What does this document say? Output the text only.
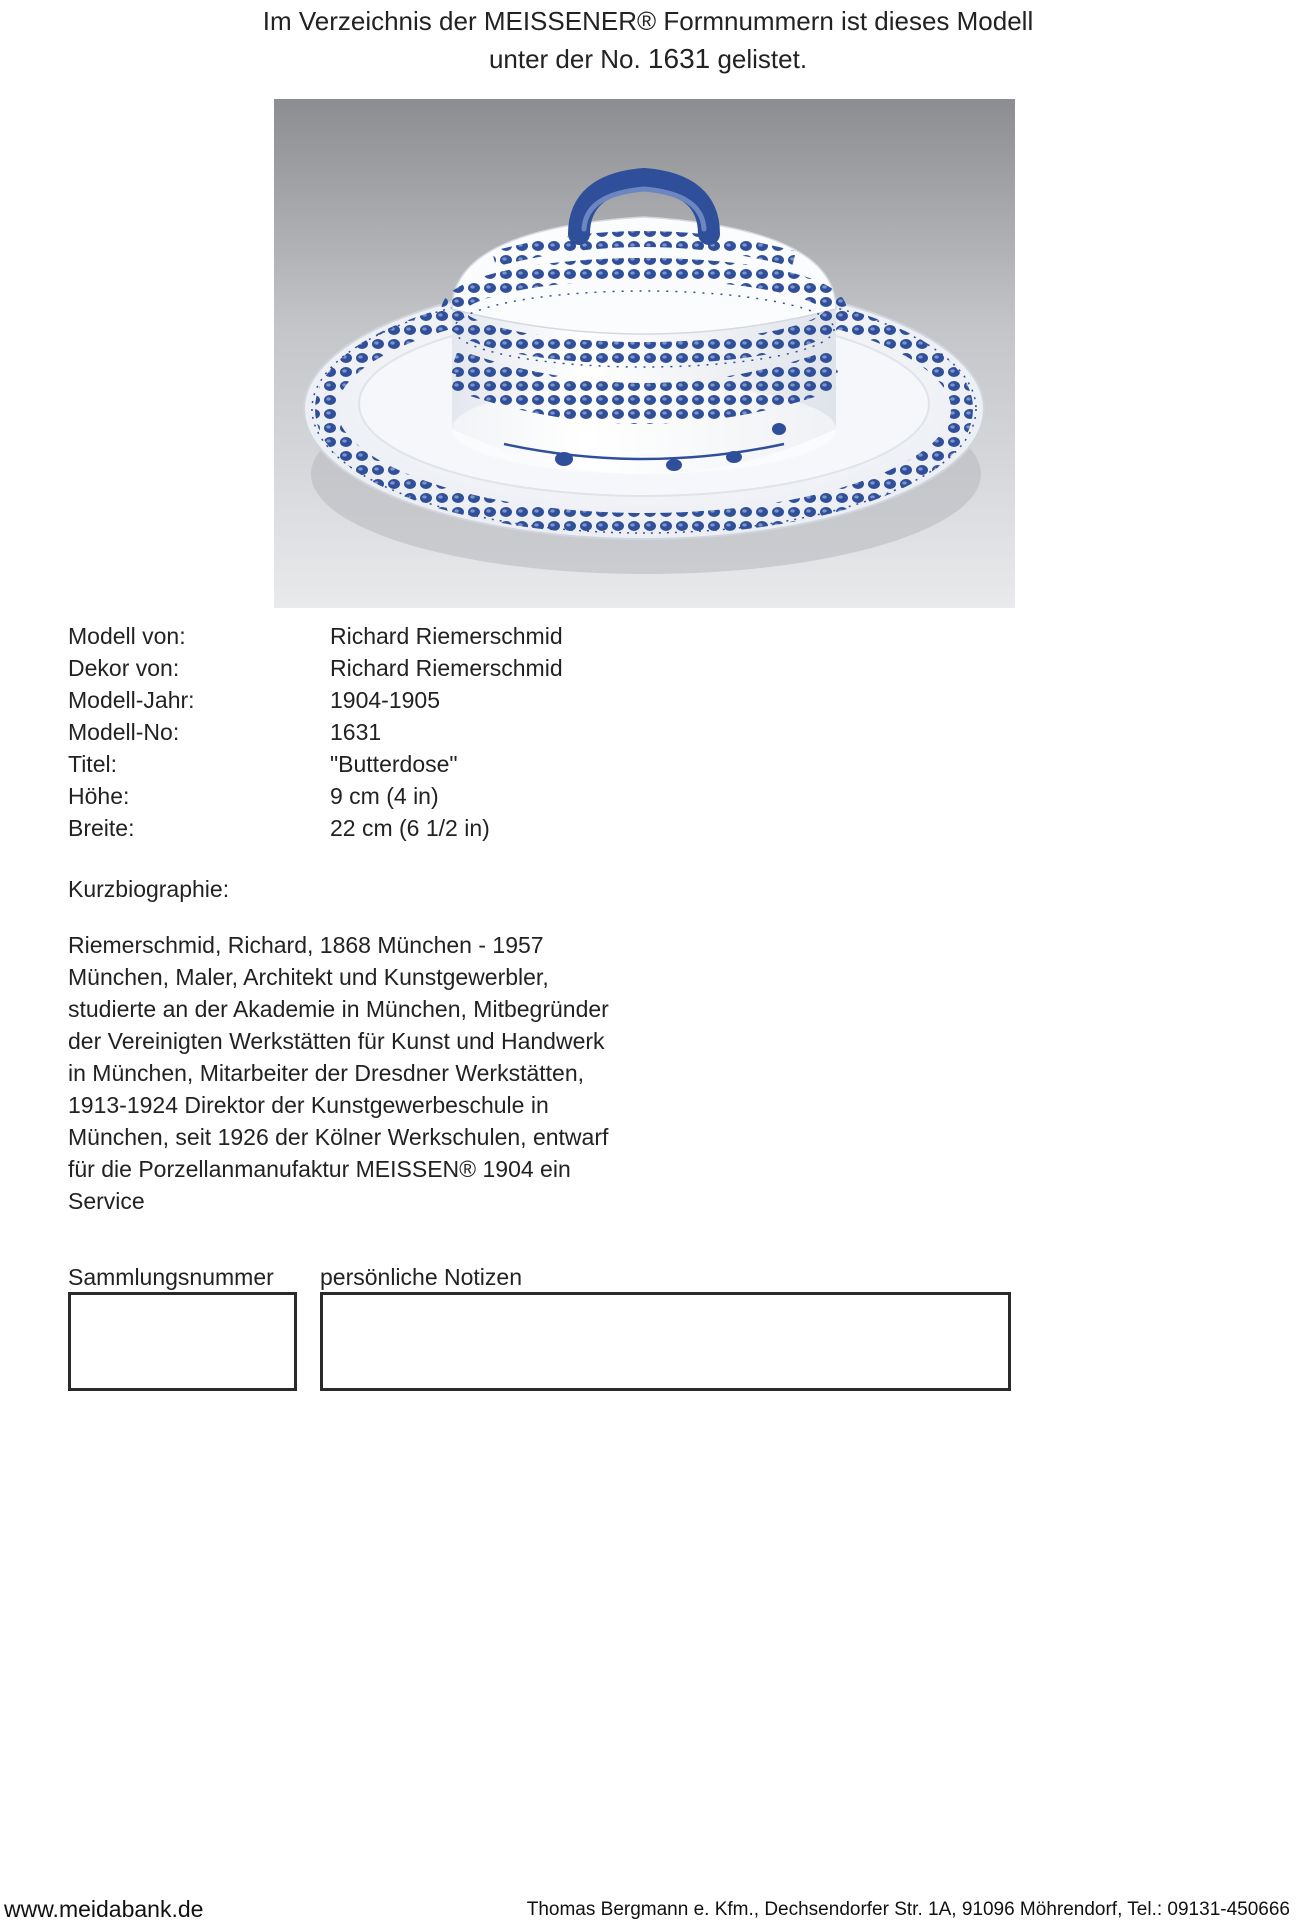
Im Verzeichnis der MEISSENER® Formnummern ist dieses Modell
unter der No. 1631 gelistet.
Modell von:	Richard Riemerschmid
Dekor von:	Richard Riemerschmid
Modell-Jahr:	1904-1905
Modell-No:	1631
Titel:	"Butterdose"
Höhe:	9 cm (4 in)
Breite:	22 cm (6 1/2 in)
Kurzbiographie:
Riemerschmid, Richard, 1868 München - 1957
München, Maler, Architekt und Kunstgewerbler,
studierte an der Akademie in München, Mitbegründer
der Vereinigten Werkstätten für Kunst und Handwerk
in München, Mitarbeiter der Dresdner Werkstätten,
1913-1924 Direktor der Kunstgewerbeschule in
München, seit 1926 der Kölner Werkschulen, entwarf
für die Porzellanmanufaktur MEISSEN® 1904 ein
Service
Sammlungsnummer persönliche Notizen
www.meidabank.de	Thomas Bergmann e. Kfm., Dechsendorfer Str. 1A, 91096 Möhrendorf, Tel.: 09131-450666
